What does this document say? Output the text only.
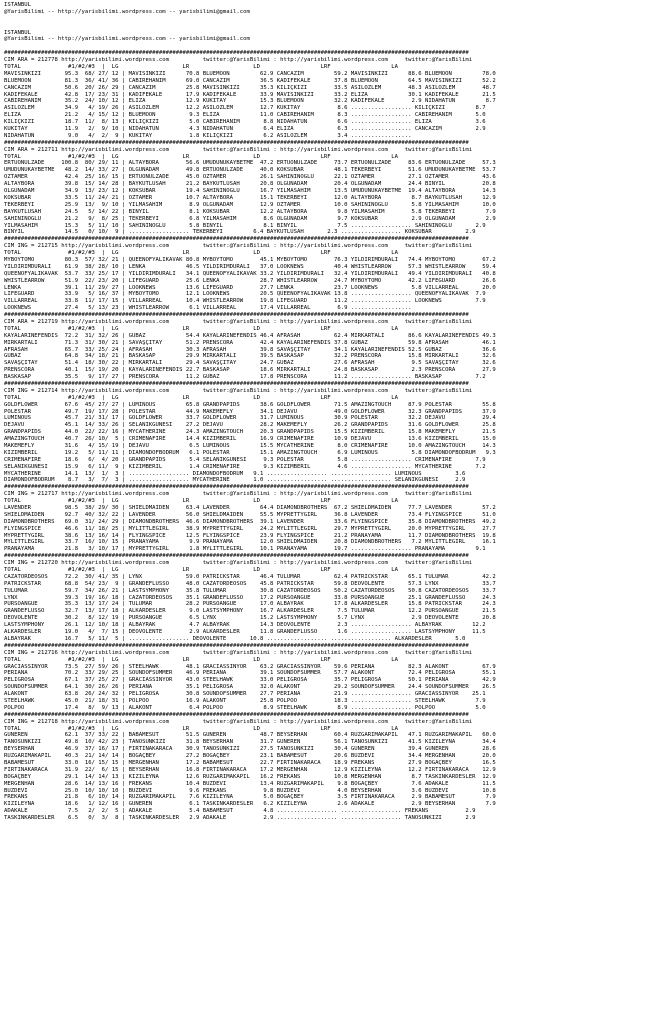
ISTANBUL
@YarisBilimi -- http://yarisbilimi.wordpress.com -- yarisbilimi@gmail.com
ISTANBUL
@YarisBilimi -- http://yarisbilimi.wordpress.com -- yarisbilimi@gmail.com
##########################################################################################################################################
CIM ARA = 212778 http://yarisbilimi.wordpress.com          twitter:@YarisBilimi : http://yarisbilimi.wordpress.com     twitter:@YarisBilimi
TOTAL              #1/#2/#3  |  LG                   LR                   LD                  LRF                  LA
MAVISINKIZI       95.3  68/ 27/ 12 | MAVISINKIZI      70.8 BLUEMOON         62.9 CANCAZIM         59.2 MAVISINKIZI      88.6 BLUEMOON         78.0
BLUEMOON          81.3  36/ 41/ 36 | CABIREHANIM      69.0 CANCAZIM         36.5 KADIFEKALE       37.8 BLUEMOON         64.5 MAVISINKIZI      52.2
CANCAZIM          50.6  20/ 26/ 29 | CANCAZIM         25.8 MAVISINKIZI      35.3 KILIÇKIZI        33.5 ASILÖZLEM        48.3 ASILÖZLEM        48.7
KADIFEKALE        42.8  17/ 23/ 31 | KADIFEKALE       17.9 KADIFEKALE       33.9 MAVISINKIZI      33.2 ELIZA            30.1 KADIFEKALE       21.5
CABIREHANIM       35.2  24/ 10/ 12 | ELIZA            12.9 KUKITAY          15.3 BLUEMOON         32.2 KADIFEKALE        2.9 NIDAHATUN         8.7
ASILÖZLEM         34.9   4/ 19/ 26 | ASILÖZLEM        12.2 ASILÖZLEM        12.7 KUKITAY           8.6 .................. KILIÇKIZI         8.7
ELIZA             21.2   4/ 15/ 12 | BLUEMOON          9.3 ELIZA            11.0 CABIREHANIM       8.3 .................. CABIREHANIM       5.0
KILIÇKIZI         18.7  11/  8/ 13 | KILIÇKIZI         5.0 CABIREHANIM       8.8 NIDAHATUN         6.6 .................. ELIZA             3.6
KUKITAY           11.9   2/  9/ 10 | NIDAHATUN         4.3 NIDAHATUN         6.4 ELIZA             6.3 .................. CANCAZIM          2.9
NIDAHATUN          9.0   4/  2/  9 | KUKITAY           1.8 KILIÇKIZI         6.2 ASILÖZLEM         3.4 ..................
##########################################################################################################################################
CIM ARA = 212711 http://yarisbilimi.wordpress.com          twitter:@YarisBilimi : http://yarisbilimi.wordpress.com     twitter:@YarisBilimi
TOTAL              #1/#2/#3  |  LG                   LR                   LD                  LRF                  LA
ERTUONULZADE     100.8  80/ 29/ 11 | ALTAYBORA        56.6 UMUDUNUKAYBETME  47.2 ERTUONULZADE     73.7 ERTUONULZADE     83.6 ERTUONULZADE     57.3
UMUDUNUKAYBETME   48.2  14/ 33/ 27 | OLGUNADAM        49.8 ERTUONULZADE     40.0 KOKSUBAR         48.1 TEKERBEYI        51.6 UMUDUNUKAYBETME  53.7
ÖZTAMER           42.4  25/ 16/ 15 | ERTUONULZADE     45.0 ÖZTAMER          26.1 SAHININOGLU      22.1 ÖZTAMER          27.1 ÖZTAMER          43.6
ALTAYBORA         39.8  15/ 14/ 28 | BAYKUTLUSAH      21.2 BAYKUTLUSAH      20.8 OLGUNADAM        20.4 OLGUNADAM        24.4 BINYIL           20.8
OLGUNADAM         34.9  13/ 23/ 12 | KOKSUBAR         19.4 SAHININOGLU      16.7 YILMASAHIM       13.5 UMUDUNUKAYBETME  19.4 ALTAYBORA        14.3
KOKSUBAR          33.5  11/ 24/ 21 | ÖZTAMER          10.7 ALTAYBORA        15.1 TEKERBEYI        12.0 ALTAYBORA         8.7 BAYKUTLUSAH      12.9
TEKERBEYI         25.9  13/  9/ 10 | YILMASAHIM        8.9 OLGUNADAM        12.9 ÖZTAMER          10.0 SAHININOGLU       5.8 YILMASAHIM       10.0
BAYKUTLUSAH       24.5   5/ 14/ 22 | BINYIL            8.1 KOKSUBAR         12.2 ALTAYBORA         9.8 YILMASAHIM        5.8 TEKERBEYI         7.9
SAHININOGLU       21.2   9/  8/ 25 | TEKERBEYI         6.8 YILMASAHIM        8.6 OLGUNADAM         9.7 KOKSUBAR          2.9 OLGUNADAM         2.9
YILMASAHIM        15.3   5/ 11/ 10 | SAHININOGLU       5.8 BINYIL            8.1 BINYIL            7.5 .................. SAHININOGLU       2.9
BINYIL            14.5   0/ 10/  9 | .................. TEKERBEYI         6.4 BAYKUTLUSAH       2.3 .................. KOKSUBAR          2.9
##########################################################################################################################################
CIM ING = 212715 http://yarisbilimi.wordpress.com          twitter:@YarisBilimi : http://yarisbilimi.wordpress.com     twitter:@YarisBilimi
TOTAL              #1/#2/#3  |  LG                   LR                   LD                  LRF                  LA
MYBOYTOMO         80.3  57/ 32/ 21 | QUEENOFYALIKAVAK 80.8 MYBOYTOMO        45.1 MYBOYTOMO        76.3 YILDIRIMDURALI   74.4 MYBOYTOMO        67.2
YILDIRIMDURALI    61.9  38/ 28/ 10 | LENKA            46.5 YILDIRIMDURALI   37.0 LOOKNEWS         40.4 WHISTLEARROW     57.3 WHISTLEARROW     59.4
QUEENOFYALIKAVAK  53.7  33/ 25/ 17 | YILDIRIMDURALI   34.1 QUEENOFYALIKAVAK 33.2 YILDIRIMDURALI   32.4 YILDIRIMDURALI   49.4 YILDIRIMDURALI   40.8
WHISTLEARROW      51.9  22/ 23/ 20 | LIFEGUARD        25.6 LENKA            28.7 WHISTLEARROW     24.7 MYBOYTOMO        42.2 LIFEGUARD        26.6
LENKA             39.1  11/ 29/ 27 | LOOKNEWS         13.6 LIFEGUARD        27.7 LENKA            23.7 LOOKNEWS          5.8 VILLARREAL       20.0
LIFEGUARD         33.9   5/ 16/ 37 | MYBOYTOMO        12.1 LOOKNEWS         20.5 QUEENOFYALIKAVAK 13.8 .................. QUEENOFYALIKAVAK  7.9
VILLARREAL        33.8  11/ 17/ 15 | VILLARREAL       10.4 WHISTLEARROW     19.8 LIFEGUARD        11.2 .................. LOOKNEWS          7.9
LOOKNEWS          27.4   5/ 13/ 23 | WHISTLEARROW      6.1 VILLARREAL       17.4 VILLARREAL        6.9 ..................
##########################################################################################################################################
CIM ARA = 212719 http://yarisbilimi.wordpress.com          twitter:@YarisBilimi : http://yarisbilimi.wordpress.com     twitter:@YarisBilimi
TOTAL              #1/#2/#3  |  LG                   LR                   LD                  LRF                  LA
KAYALARINEFENDIS  72.2  31/ 32/ 26 | GUBAZ            54.4 KAYALARINEFENDIS 46.4 AFRASAH          62.4 MIRKARTALI       86.6 KAYALARINEFENDIS 49.3
MIRKARTALI        71.3  31/ 30/ 21 | SAVAŞÇITAY       51.2 PRENSCORA        42.4 KAYALARINEFENDIS 37.8 GUBAZ            59.8 AFRASAH          46.1
AFRASAH           65.7  33/ 25/ 24 | AFRASAH          30.3 AFRASAH          39.8 SAVAŞÇITAY       34.1 KAYALARINEFENDIS 52.5 GUBAZ            36.6
GUBAZ             64.8  34/ 18/ 21 | BASKASAP         29.9 MIRKARTALI       39.5 BASKASAP         32.2 PRENSCORA        15.8 MIRKARTALI       32.6
SAVAŞÇITAY        51.4  18/ 30/ 22 | MIRKARTALI       29.4 SAVAŞÇITAY       24.7 GUBAZ            27.6 AFRASAH           9.5 SAVAŞÇITAY       32.6
PRENSCORA         40.1  15/ 19/ 20 | KAYALARINEFENDIS 22.7 BASKASAP         18.6 MIRKARTALI       24.8 BASKASAP          2.3 PRENSCORA        27.9
BASKASAP          35.5   9/ 17/ 27 | PRENSCORA        11.2 GUBAZ            17.8 PRENSCORA        11.2 .................. BASKASAP          7.2
##########################################################################################################################################
CIM ING = 212714 http://yarisbilimi.wordpress.com          twitter:@YarisBilimi : http://yarisbilimi.wordpress.com     twitter:@YarisBilimi
TOTAL              #1/#2/#3  |  LG                   LR                   LD                  LRF                  LA
GOLDFLOWER        67.6  45/ 27/ 27 | LUMINOUS         65.8 GRANDPAPIDS      38.6 GOLDFLOWER       71.5 AMAZINGTOUCH     87.9 POLESTAR         55.8
POLESTAR          49.7  19/ 17/ 28 | POLESTAR         44.9 MAKEMEFLY        34.1 DEJAVU           49.0 GOLDFLOWER       32.3 GRANDPAPIDS      37.9
LUMINOUS          45.7  21/ 31/ 17 | GOLDFLOWER       33.7 GOLDFLOWER       31.7 LUMINOUS         30.9 POLESTAR         32.2 DEJAVU           29.4
DEJAVU            45.1  14/ 33/ 26 | SELANIKGÜNESI    27.2 DEJAVU           28.2 MAKEMEFLY        26.2 GRANDPAPIDS      31.6 GOLDFLOWER       25.8
GRANDPAPIDS       44.0  22/ 22/ 16 | MYCATHERINE      24.3 AMAZINGTOUCH     20.3 GRANDPAPIDS      15.5 KIZIMBERIL       15.8 MAKEMEFLY        21.5
AMAZINGTOUCH      40.7  26/ 10/  5 | CRIMENAFIRE      14.4 KIZIMBERIL       16.9 CRIMENAFIRE      10.9 DEJAVU           13.6 KIZIMBERIL       15.0
MAKEMEFLY         31.6   4/ 15/ 19 | DEJAVU            6.5 LUMINOUS         15.5 MYCATHERINE       8.0 CRIMENAFIRE      10.0 AMAZINGTOUCH     14.3
KIZIMBERIL        19.2   5/ 11/ 11 | DIAMONDOFBODRUM   6.1 POLESTAR         15.1 AMAZINGTOUCH      6.9 LUMINOUS          5.8 DIAMONDOFBODRUM   9.3
CRIMENAFIRE       18.6   6/  4/ 20 | GRANDPAPIDS       5.4 SELANIKGÜNESI     9.3 POLESTAR          5.8 .................. CRIMENAFIRE       7.9
SELANIKGÜNESI     15.9   6/ 11/  9 | KIZIMBERIL        1.4 CRIMENAFIRE       9.3 KIZIMBERIL        4.6 .................. MYCATHERINE       7.2
MYCATHERINE       14.1  13/  1/  3 | .................. DIAMONDOFBODRUM   9.1 .................. .................. LUMINOUS          3.6
DIAMONDOFBODRUM    8.7   3/  7/  3 | .................. MYCATHERINE       1.0 .................. .................. SELANIKGÜNESI     2.9
##########################################################################################################################################
CIM ING = 212717 http://yarisbilimi.wordpress.com          twitter:@YarisBilimi : http://yarisbilimi.wordpress.com     twitter:@YarisBilimi
TOTAL              #1/#2/#3  |  LG                   LR                   LD                  LRF                  LA
LAVENDER          98.5  38/ 29/ 30 | SHIELDMAIDEN     63.4 LAVENDER         64.4 DIAMONDBROTHERS  67.2 SHIELDMAIDEN     77.7 LAVENDER         57.2
SHIELDMAIDEN      92.7  40/ 32/ 22 | LAVENDER         56.0 SHIELDMAIDEN     55.5 MYPRETTYGIRL     36.8 LAVENDER         73.4 FLYINGSPICE      51.0
DIAMONDBROTHERS   69.0  31/ 24/ 29 | DIAMONDBROTHERS  46.6 DIAMONDBROTHERS  39.1 LAVENDER         33.6 FLYINGSPICE      35.8 DIAMONDBROTHERS  49.2
FLYINGSPICE       46.6  11/ 18/ 25 | MYLITTLEGIRL     38.9 MYPRETTYGIRL     24.2 MYLITTLEGIRL     29.7 MYPRETTYGIRL     20.0 MYPRETTYGIRL     27.7
MYPRETTYGIRL      38.6  13/ 16/ 14 | FLYINGSPICE      12.5 FLYINGSPICE      23.9 FLYINGSPICE      21.2 PRANAYAMA        11.7 DIAMONDBROTHERS  19.8
MYLITTLEGIRL      33.7  16/ 10/ 15 | PRANAYAMA         9.9 PRANAYAMA        12.0 SHIELDMAIDEN     20.8 DIAMONDBROTHERS   7.2 MYLITTLEGIRL     16.1
PRANAYAMA         21.8   3/ 10/ 17 | MYPRETTYGIRL      1.8 MYLITTLEGIRL     10.1 PRANAYAMA        19.7 .................. PRANAYAMA         9.1
##########################################################################################################################################
CIM ING = 212720 http://yarisbilimi.wordpress.com          twitter:@YarisBilimi : http://yarisbilimi.wordpress.com     twitter:@YarisBilimi
TOTAL              #1/#2/#3  |  LG                   LR                   LD                  LRF                  LA
CAZATORDEOSOS     72.2  30/ 41/ 35 | LYNX             59.0 PATRICKSTAR      46.4 TULUMAR          62.4 PATRICKSTAR      65.1 TULUMAR          42.2
PATRICKSTAR       68.8  54/ 23/  9 | GRANDEFLUSSO     48.0 CAZATORDEOSOS    45.8 PATRICKSTAR      59.8 DEOVOLENTE       57.3 LYNX             33.7
TULUMAR           59.7  34/ 26/ 21 | LASTSYMPHONY     35.8 TULUMAR          30.8 CAZATORDEOSOS    50.2 CAZATORDEOSOS    50.8 CAZATORDEOSOS    33.7
LYNX              39.3  19/ 16/ 18 | CAZATORDEOSOS    35.1 GRANDEFLUSSO     17.2 PURSOANGUE       33.8 PURSOANGUE       25.1 GRANDEFLUSSO     24.3
PURSOANGUE        35.3  13/ 17/ 24 | TULUMAR          28.2 PURSOANGUE       17.0 ALBAYRAK         17.8 ALKARDESLER      15.8 PATRICKSTAR      24.3
GRANDEFLUSSO      32.7  13/ 17/ 18 | ALKARDESLER       9.0 LASTSYMPHONY     16.7 ALKARDESLER       7.5 TULUMAR          12.2 PURSOANGUE       21.5
DEOVOLENTE        30.2   8/ 12/ 19 | PURSOANGUE        6.5 LYNX             15.2 LASTSYMPHONY      5.7 LYNX              2.9 DEOVOLENTE       20.8
LASTSYMPHONY      26.1  12/ 10/ 18 | ALBAYRAK          4.7 ALBAYRAK         14.3 DEOVOLENTE        2.3 .................. ALBAYRAK         12.2
ALKARDESLER       19.0   4/  7/ 15 | DEOVOLENTE        2.9 ALKARDESLER      11.8 GRANDEFLUSSO      1.6 .................. LASTSYMPHONY     11.5
ALBAYRAK          16.7   5/ 11/  5 | .................. DEOVOLENTE       10.8 .................. .................. ALKARDESLER       5.0
##########################################################################################################################################
CIM ING = 212716 http://yarisbilimi.wordpress.com          twitter:@YarisBilimi : http://yarisbilimi.wordpress.com     twitter:@YarisBilimi
TOTAL              #1/#2/#3  |  LG                   LR                   LD                  LRF                  LA
GRACIASSINYOR     73.5  27/ 59/ 26 | STEELHAWK        48.1 GRACIASSINYOR    63.2 GRACIASSINYOR    59.6 PERIANA          82.3 ALAKONT          67.9
PERIANA           70.2  33/ 29/ 25 | SOUNDOFSUMMER    46.9 PERIANA          39.1 SOUNDOFSUMMER    57.7 ALAKONT          72.4 PELIGROSA        55.1
PELIGROSA         67.1  37/ 25/ 27 | GRACIASSINYOR    43.0 STEELHAWK        33.0 PELIGROSA        35.7 PELIGROSA        50.1 PERIANA          42.9
SOUNDOFSUMMER     64.1  30/ 26/ 26 | PERIANA          35.1 PELIGROSA        32.0 ALAKONT          29.2 SOUNDOFSUMMER    24.4 SOUNDOFSUMMER    26.5
ALAKONT           63.8  26/ 24/ 32 | PELIGROSA        30.8 SOUNDOFSUMMER    27.7 PERIANA          21.9 .................. GRACIASSINYOR    25.1
STEELHAWK         45.0  21/ 18/ 31 | POLPOO           16.9 ALAKONT          25.8 POLPOO           18.3 .................. STEELHAWK         7.9
POLPOO            17.4   8/  9/ 13 | ALAKONT           6.4 POLPOO            8.9 STEELHAWK         8.9 .................. POLPOO            5.0
##########################################################################################################################################
CIM ING = 212718 http://yarisbilimi.wordpress.com          twitter:@YarisBilimi : http://yarisbilimi.wordpress.com     twitter:@YarisBilimi
TOTAL              #1/#2/#3  |  LG                   LR                   LD                  LRF                  LA
GÜNEREN           62.1  37/ 33/ 22 | BABAMESUT        51.5 GÜNEREN          48.7 BEYSERHAN        60.4 RÜZGARIMAKAPIL   47.1 RÜZGARIMAKAPIL   60.0
TANOSUNKIZI       49.8  10/ 42/ 23 | TANOSUNKIZI      31.8 BEYSERHAN        31.7 GÜNEREN          56.1 TANOSUNKIZI      41.5 KIZILEYNA        34.4
BEYSERHAN         46.9  37/ 16/ 17 | FIRTINAKARACA    30.9 TANOSUNKIZI      27.5 TANOSUNKIZI      30.4 GÜNEREN          39.4 GÜNEREN          28.6
RÜZGARIMAKAPIL    40.3  21/ 14/ 14 | BOGAÇBEY         27.2 BOGAÇBEY         23.1 BABAMESUT        20.6 BUZDEVI          34.4 MERGENHAN        20.0
BABAMESUT         33.0  16/ 15/ 15 | MERGENHAN        17.2 BABAMESUT        22.7 FIRTINAKARACA    18.9 FREKANS          27.9 BOGAÇBEY         16.5
FIRTINAKARACA     31.9  22/  6/ 15 | BEYSERHAN        16.8 FIRTINAKARACA    17.2 MERGENHAN        12.9 KIZILEYNA        12.2 FIRTINAKARACA    12.9
BOGAÇBEY          29.1  14/ 14/ 13 | KIZILEYNA        12.6 RÜZGARIMAKAPIL   16.2 FREKANS          10.8 MERGENHAN         8.7 TASKINKARDESLER  12.9
MERGENHAN         28.6  14/ 13/ 16 | FREKANS          10.4 BUZDEVI          13.4 RÜZGARIMAKAPIL    9.8 BOGAÇBEY          7.6 ADAKALE          11.5
BUZDEVI           25.0  10/ 10/ 10 | BUZDEVI           9.6 FREKANS           9.8 BUZDEVI           4.0 BEYSERHAN         3.6 BUZDEVI          10.8
FREKANS           21.8   6/ 10/ 14 | RÜZGARIMAKAPIL    7.6 KIZILEYNA         5.0 BOGAÇBEY          3.5 FIRTINAKARACA     2.9 BABAMESUT         7.9
KIZILEYNA         18.6   1/ 12/ 16 | GÜNEREN           6.1 TASKINKARDESLER   6.2 KIZILEYNA         2.6 ADAKALE           2.9 BEYSERHAN         7.9
ADAKALE            7.5   2/  2/  5 | ADAKALE           5.4 BABAMESUT         4.8 .................. .................. FREKANS           2.9
TASKINKARDESLER    6.5   0/  3/  8 | TASKINKARDESLER   2.9 ADAKALE           2.9 .................. .................. TANOSUNKIZI       2.9
